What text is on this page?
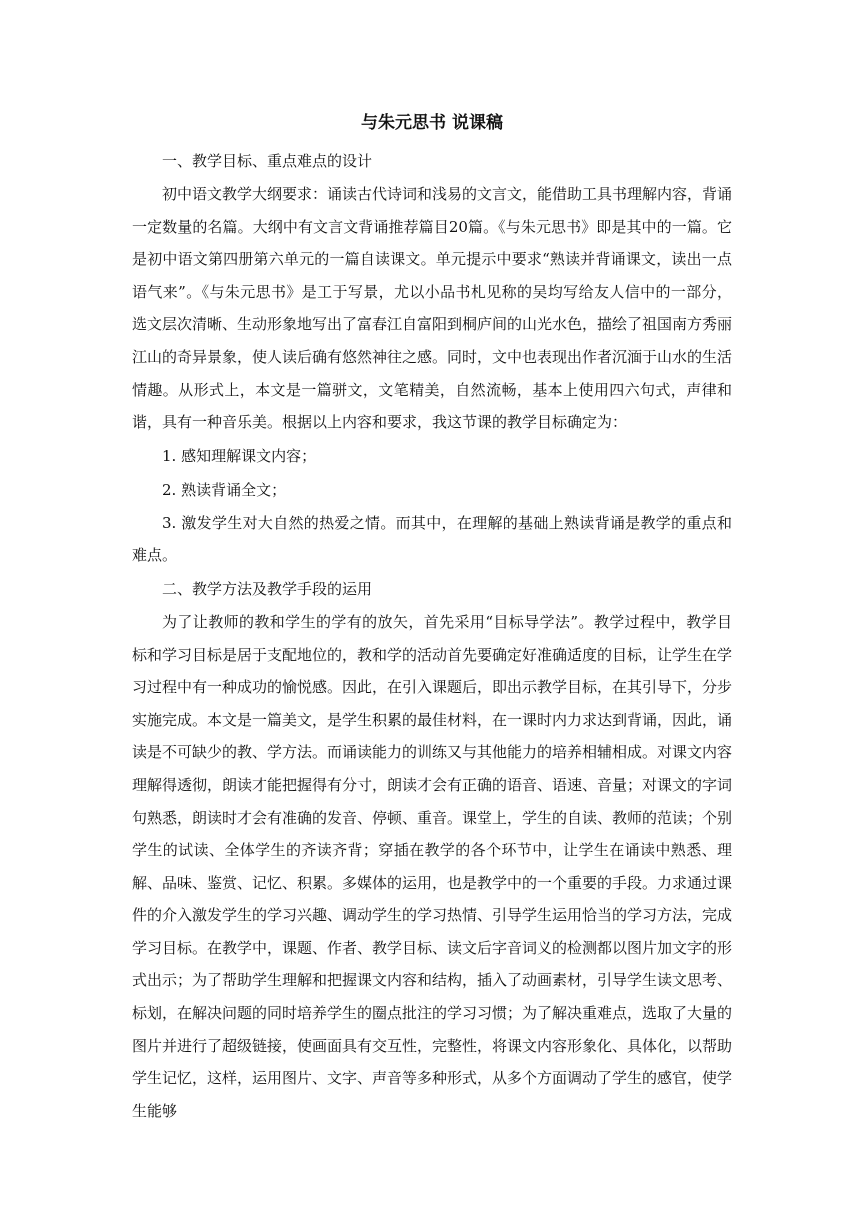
与朱元思书 说课稿

一、教学目标、重点难点的设计

初中语文教学大纲要求：诵读古代诗词和浅易的文言文，能借助工具书理解内容，背诵一定数量的名篇。大纲中有文言文背诵推荐篇目20篇。《与朱元思书》即是其中的一篇。它是初中语文第四册第六单元的一篇自读课文。单元提示中要求“熟读并背诵课文，读出一点语气来”。《与朱元思书》是工于写景，尤以小品书札见称的吴均写给友人信中的一部分，选文层次清晰、生动形象地写出了富春江自富阳到桐庐间的山光水色，描绘了祖国南方秀丽江山的奇异景象，使人读后确有悠然神往之感。同时，文中也表现出作者沉湎于山水的生活情趣。从形式上，本文是一篇骈文，文笔精美，自然流畅，基本上使用四六句式，声律和谐，具有一种音乐美。根据以上内容和要求，我这节课的教学目标确定为：

1. 感知理解课文内容；

2. 熟读背诵全文；

3. 激发学生对大自然的热爱之情。而其中，在理解的基础上熟读背诵是教学的重点和难点。

二、教学方法及教学手段的运用

为了让教师的教和学生的学有的放矢，首先采用“目标导学法”。教学过程中，教学目标和学习目标是居于支配地位的，教和学的活动首先要确定好准确适度的目标，让学生在学习过程中有一种成功的愉悦感。因此，在引入课题后，即出示教学目标，在其引导下，分步实施完成。本文是一篇美文，是学生积累的最佳材料，在一课时内力求达到背诵，因此，诵读是不可缺少的教、学方法。而诵读能力的训练又与其他能力的培养相辅相成。对课文内容理解得透彻，朗读才能把握得有分寸，朗读才会有正确的语音、语速、音量；对课文的字词句熟悉，朗读时才会有准确的发音、停顿、重音。课堂上，学生的自读、教师的范读；个别学生的试读、全体学生的齐读齐背；穿插在教学的各个环节中，让学生在诵读中熟悉、理解、品味、鉴赏、记忆、积累。多媒体的运用，也是教学中的一个重要的手段。力求通过课件的介入激发学生的学习兴趣、调动学生的学习热情、引导学生运用恰当的学习方法，完成学习目标。在教学中，课题、作者、教学目标、读文后字音词义的检测都以图片加文字的形式出示；为了帮助学生理解和把握课文内容和结构，插入了动画素材，引导学生读文思考、标划，在解决问题的同时培养学生的圈点批注的学习习惯；为了解决重难点，选取了大量的图片并进行了超级链接，使画面具有交互性，完整性，将课文内容形象化、具体化，以帮助学生记忆，这样，运用图片、文字、声音等多种形式，从多个方面调动了学生的感官，使学生能够
